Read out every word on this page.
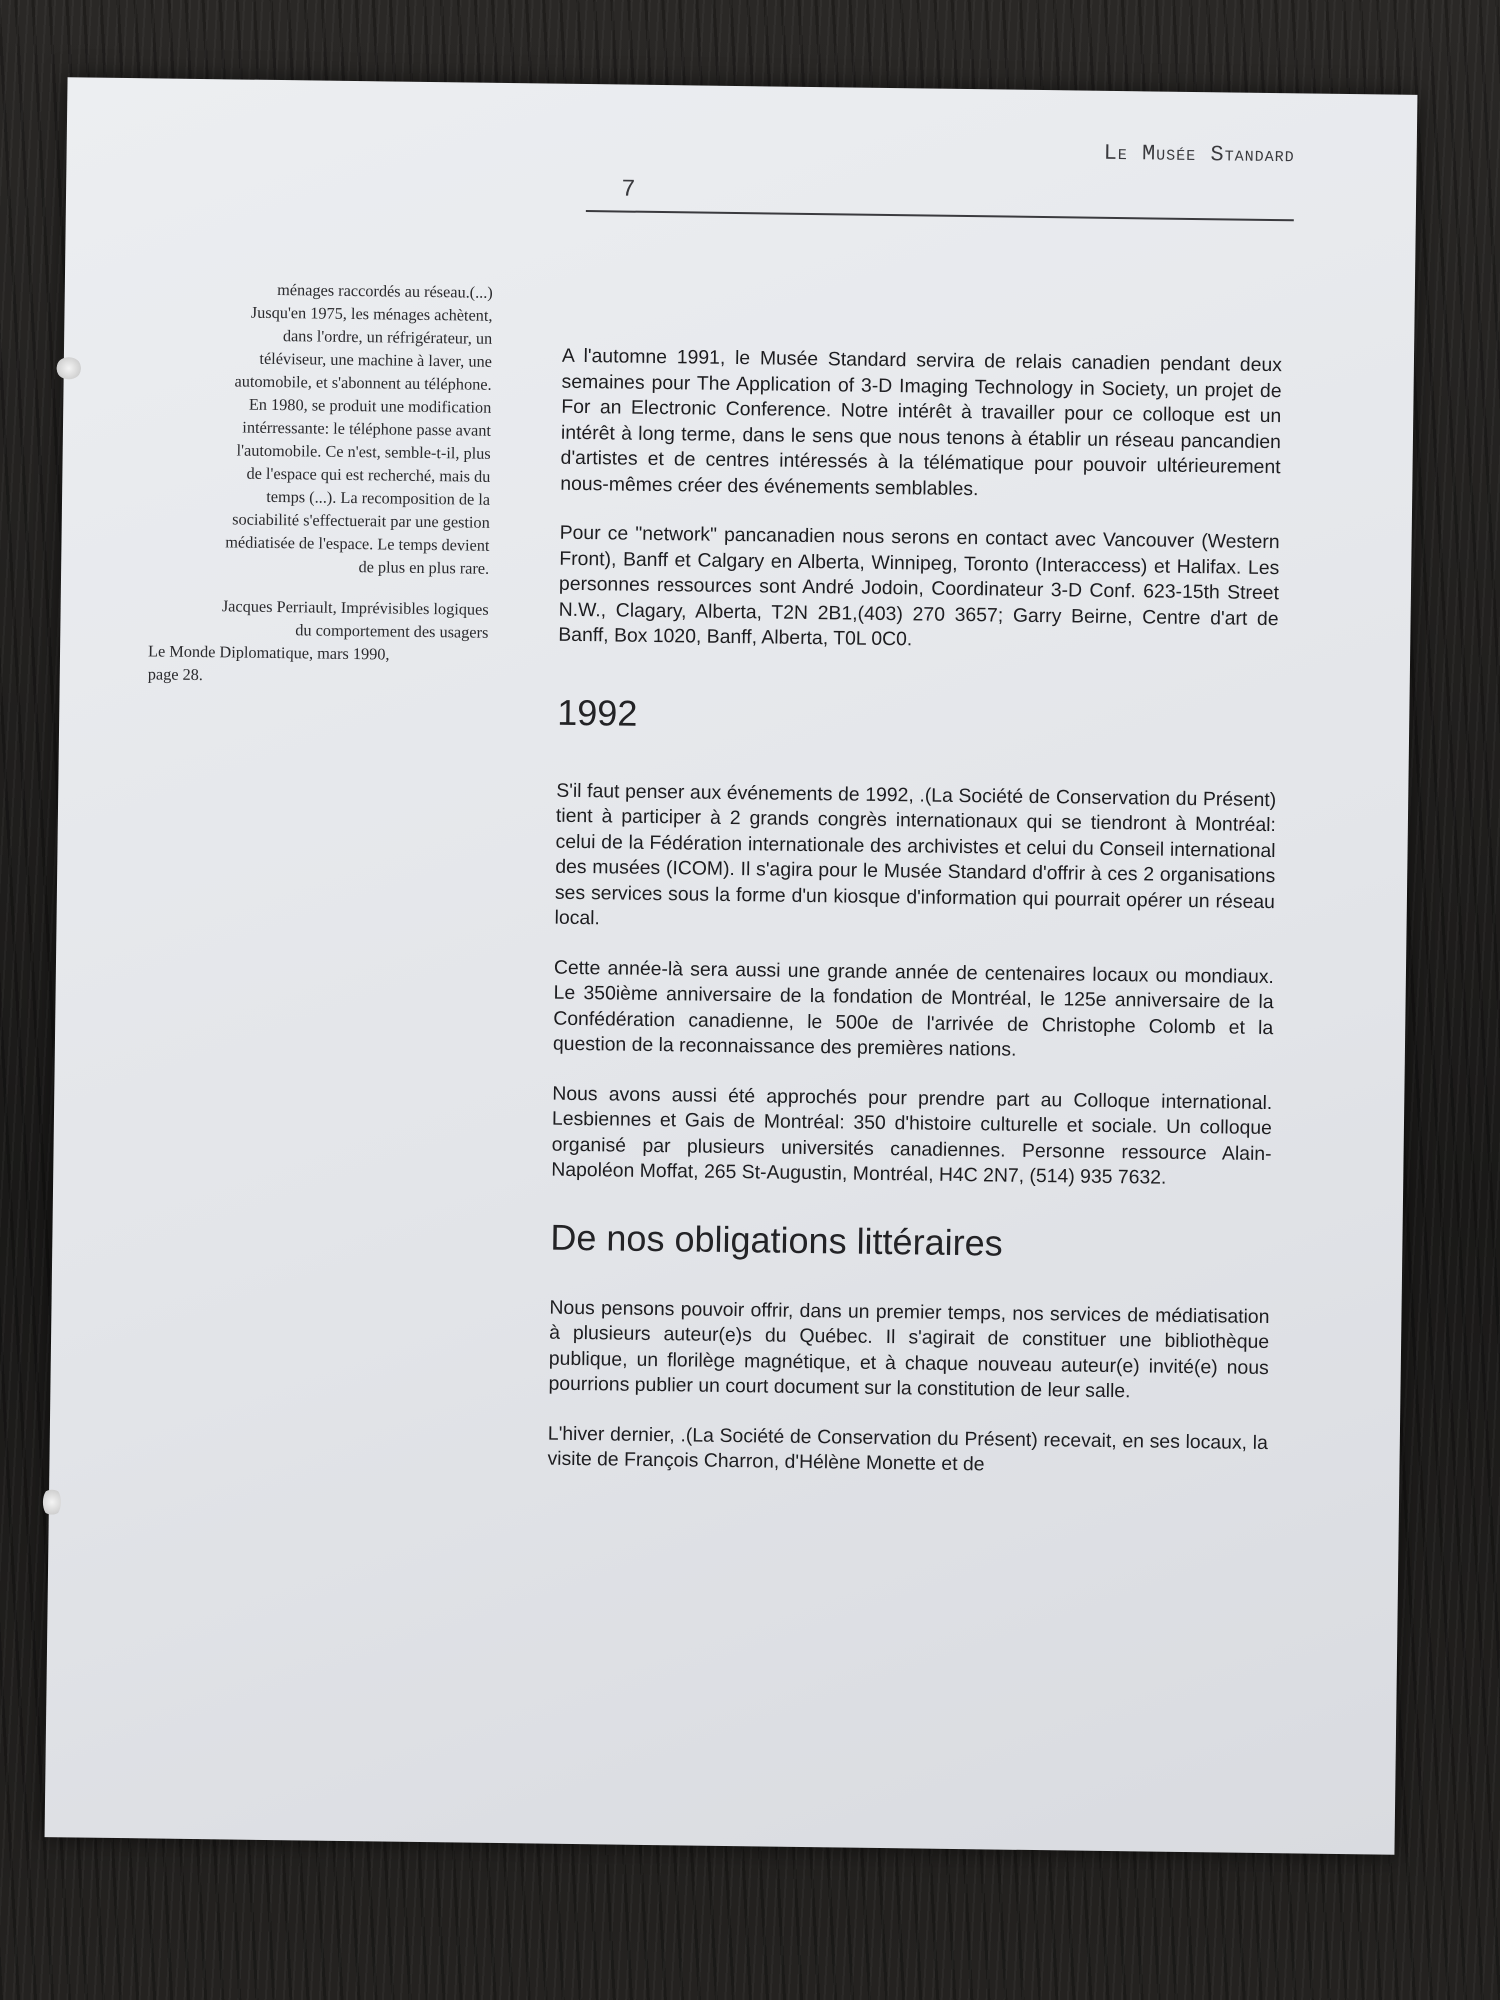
Le Musée Standard
7
ménages raccordés au réseau.(...)
Jusqu'en 1975, les ménages achètent,
dans l'ordre, un réfrigérateur, un
téléviseur, une machine à laver, une
automobile, et s'abonnent au téléphone.
En 1980, se produit une modification
intérressante: le téléphone passe avant
l'automobile. Ce n'est, semble-t-il, plus
de l'espace qui est recherché, mais du
temps (...). La recomposition de la
sociabilité s'effectuerait par une gestion
médiatisée de l'espace. Le temps devient
de plus en plus rare.
Jacques Perriault, Imprévisibles logiques
du comportement des usagers
Le Monde Diplomatique, mars 1990,
page 28.

A l'automne 1991, le Musée Standard servira de relais canadien pendant deux semaines pour The Application of 3-D Imaging Technology in Society, un projet de For an Electronic Conference. Notre intérêt à travailler pour ce colloque est un intérêt à long terme, dans le sens que nous tenons à établir un réseau pancandien d'artistes et de centres intéressés à la télématique pour pouvoir ultérieurement nous-mêmes créer des événements semblables.

Pour ce "network" pancanadien nous serons en contact avec Vancouver (Western Front), Banff et Calgary en Alberta, Winnipeg, Toronto (Interaccess) et Halifax. Les personnes ressources sont André Jodoin, Coordinateur 3-D Conf. 623-15th Street N.W., Clagary, Alberta, T2N 2B1,(403) 270 3657; Garry Beirne, Centre d'art de Banff, Box 1020, Banff, Alberta, T0L 0C0.

1992

S'il faut penser aux événements de 1992, .(La Société de Conservation du Présent) tient à participer à 2 grands congrès internationaux qui se tiendront à Montréal: celui de la Fédération internationale des archivistes et celui du Conseil international des musées (ICOM). Il s'agira pour le Musée Standard d'offrir à ces 2 organisations ses services sous la forme d'un kiosque d'information qui pourrait opérer un réseau local.

Cette année-là sera aussi une grande année de centenaires locaux ou mondiaux. Le 350ième anniversaire de la fondation de Montréal, le 125e anniversaire de la Confédération canadienne, le 500e de l'arrivée de Christophe Colomb et la question de la reconnaissance des premières nations.

Nous avons aussi été approchés pour prendre part au Colloque international. Lesbiennes et Gais de Montréal: 350 d'histoire culturelle et sociale. Un colloque organisé par plusieurs universités canadiennes. Personne ressource Alain-Napoléon Moffat, 265 St-Augustin, Montréal, H4C 2N7, (514) 935 7632.

De nos obligations littéraires

Nous pensons pouvoir offrir, dans un premier temps, nos services de médiatisation à plusieurs auteur(e)s du Québec. Il s'agirait de constituer une bibliothèque publique, un florilège magnétique, et à chaque nouveau auteur(e) invité(e) nous pourrions publier un court document sur la constitution de leur salle.

L'hiver dernier, .(La Société de Conservation du Présent) recevait, en ses locaux, la visite de François Charron, d'Hélène Monette et de
